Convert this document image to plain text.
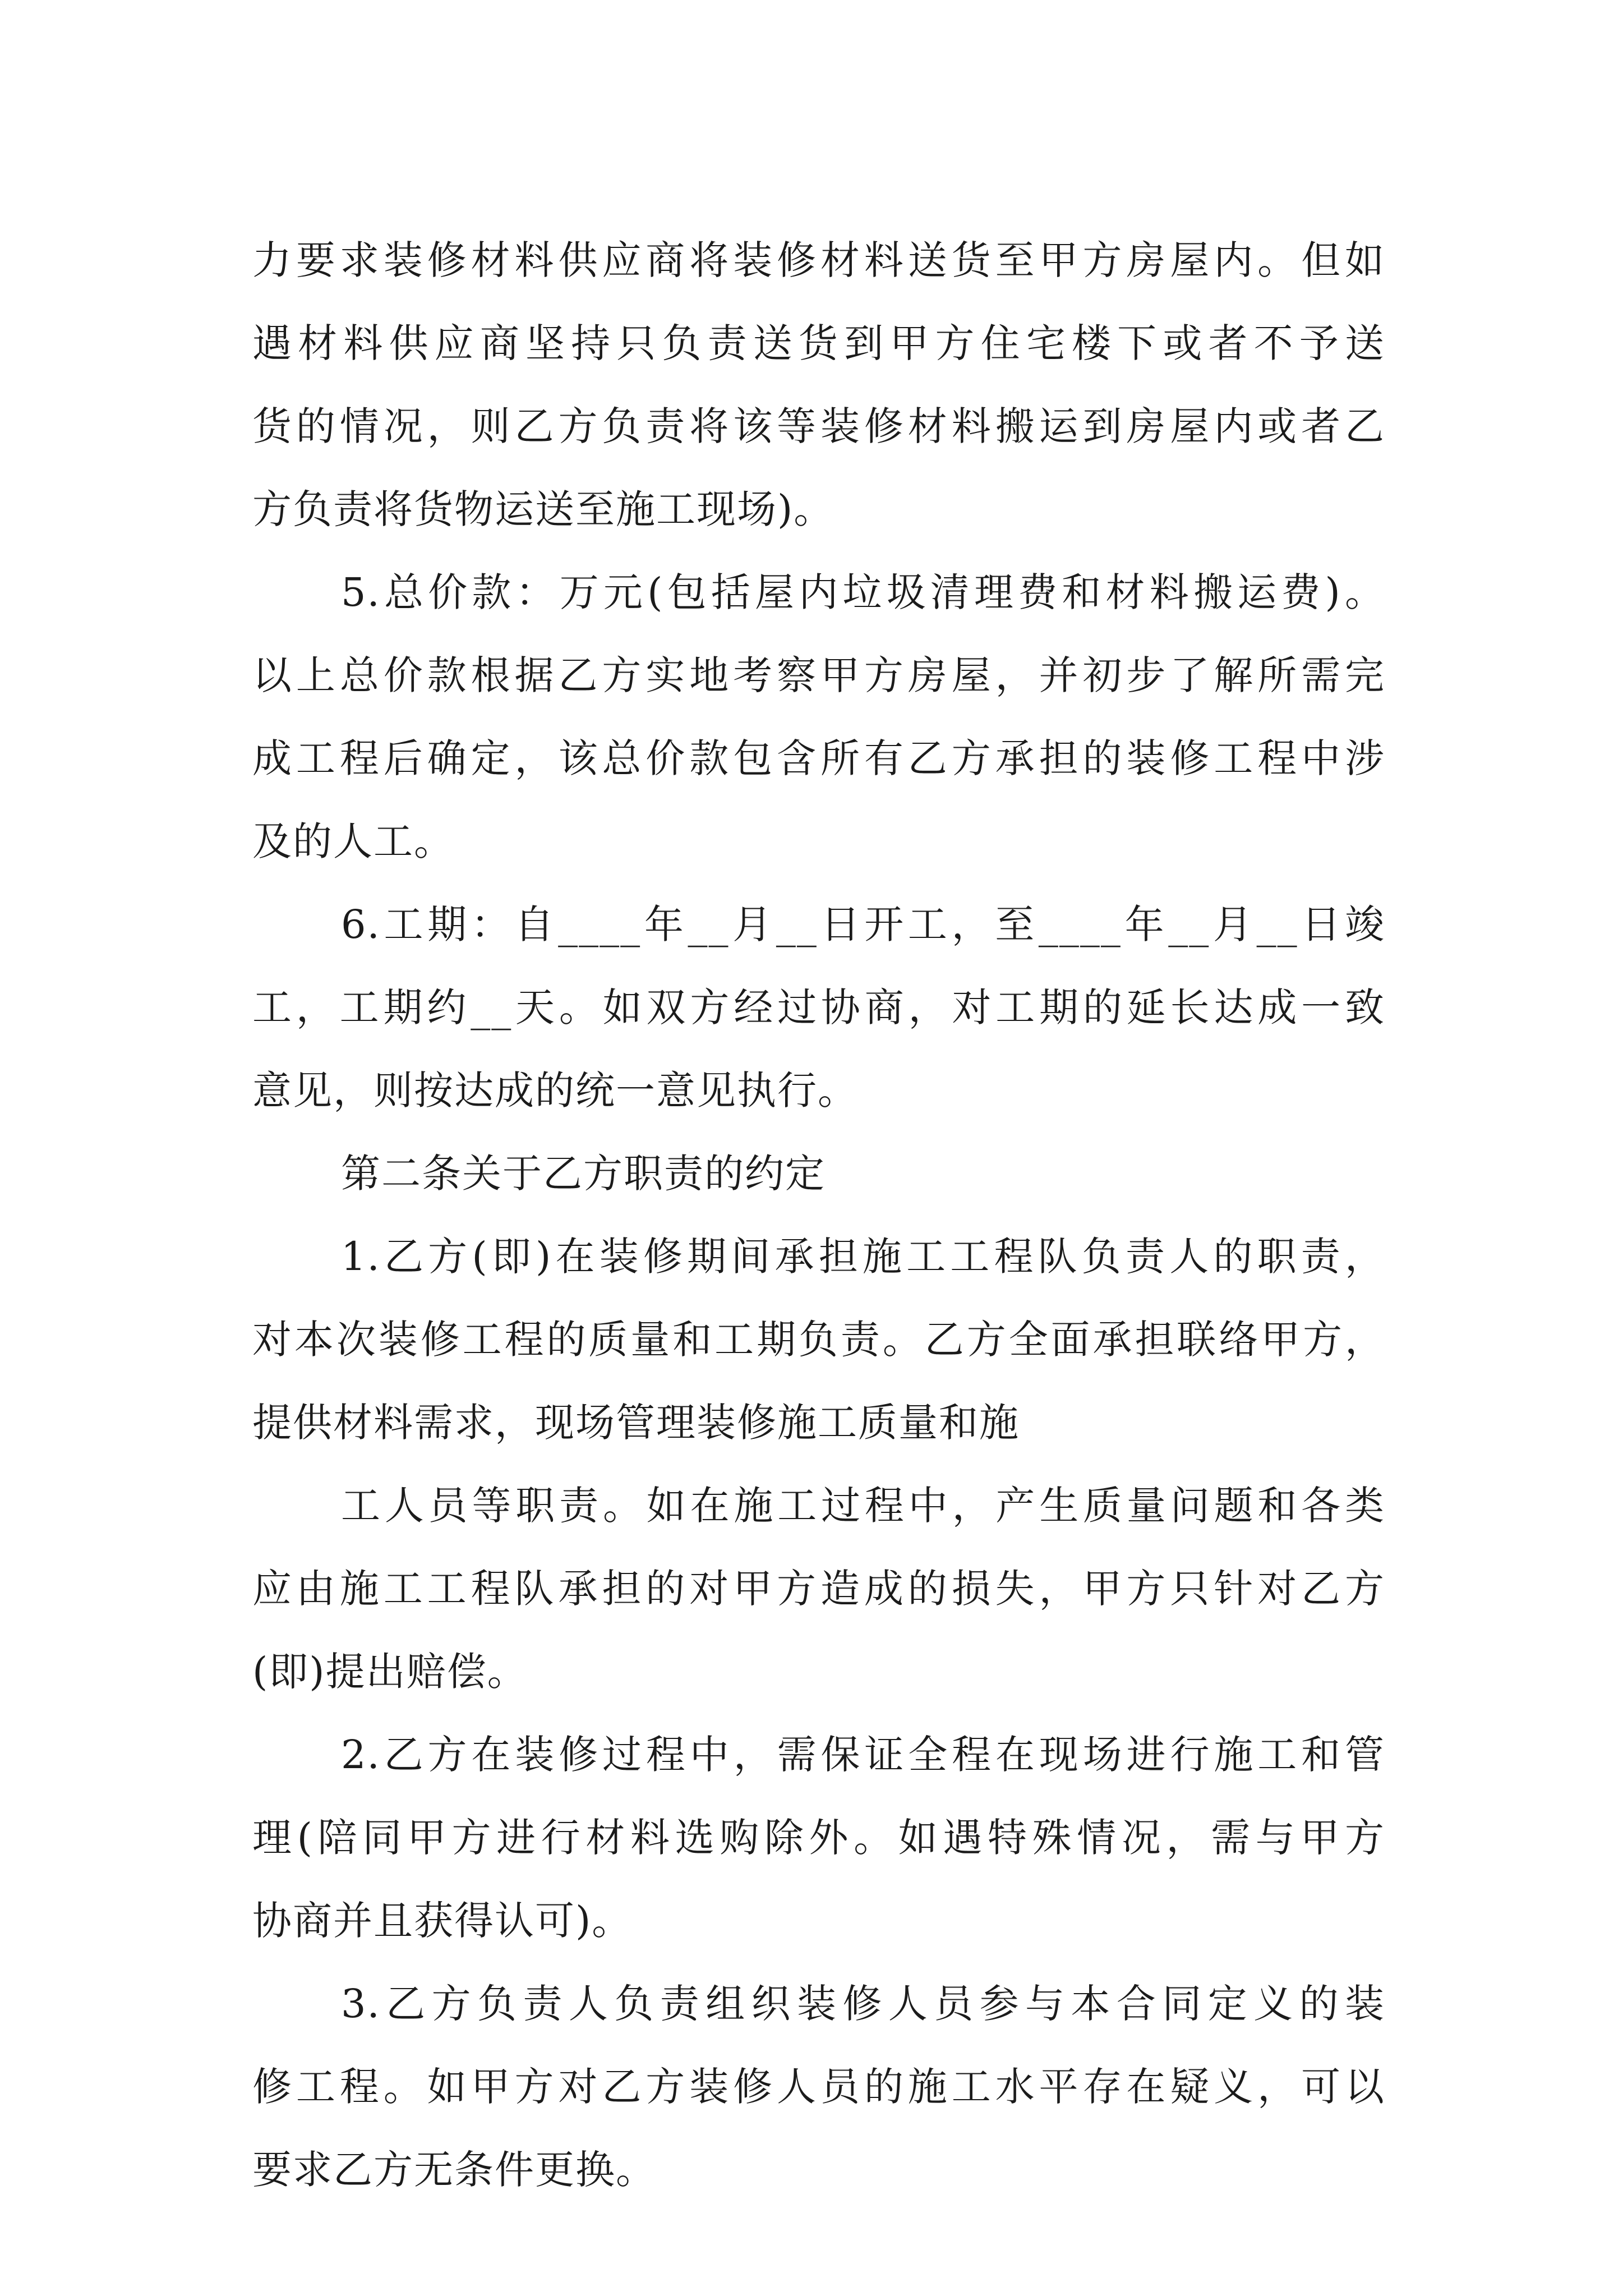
力要求装修材料供应商将装修材料送货至甲方房屋内。但如
遇材料供应商坚持只负责送货到甲方住宅楼下或者不予送
货的情况，则乙方负责将该等装修材料搬运到房屋内或者乙
方负责将货物运送至施工现场)。
5.总价款：万元(包括屋内垃圾清理费和材料搬运费)。
以上总价款根据乙方实地考察甲方房屋，并初步了解所需完
成工程后确定，该总价款包含所有乙方承担的装修工程中涉
及的人工。
6.工期：自____年__月__日开工，至____年__月__日竣
工，工期约__天。如双方经过协商，对工期的延长达成一致
意见，则按达成的统一意见执行。
第二条关于乙方职责的约定
1.乙方(即)在装修期间承担施工工程队负责人的职责，
对本次装修工程的质量和工期负责。乙方全面承担联络甲方，
提供材料需求，现场管理装修施工质量和施
工人员等职责。如在施工过程中，产生质量问题和各类
应由施工工程队承担的对甲方造成的损失，甲方只针对乙方
(即)提出赔偿。
2.乙方在装修过程中，需保证全程在现场进行施工和管
理(陪同甲方进行材料选购除外。如遇特殊情况，需与甲方
协商并且获得认可)。
3.乙方负责人负责组织装修人员参与本合同定义的装
修工程。如甲方对乙方装修人员的施工水平存在疑义，可以
要求乙方无条件更换。
